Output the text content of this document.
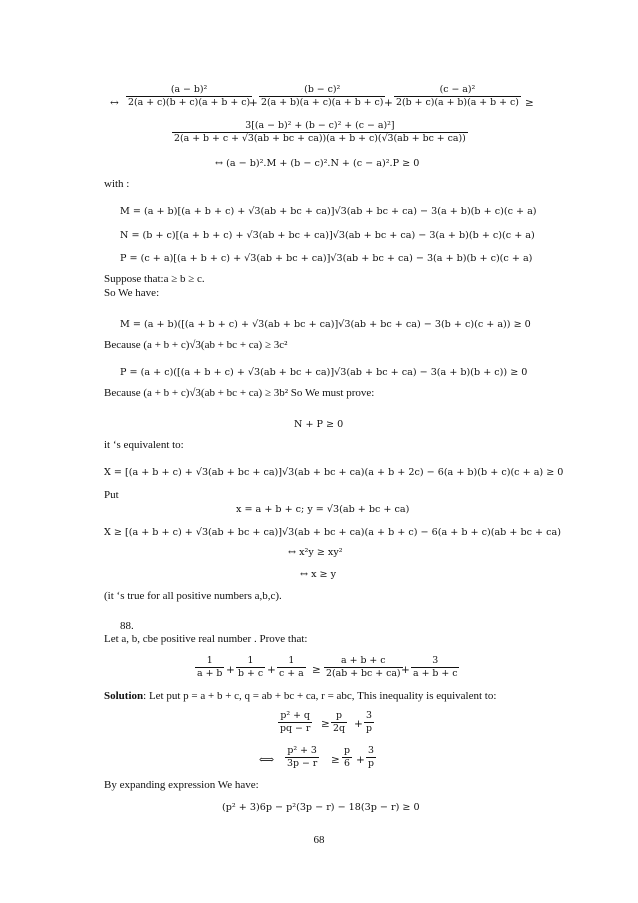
↔
(a − b)²
2(a + c)(b + c)(a + b + c)
+
(b − c)²
2(a + b)(a + c)(a + b + c) +
(c − a)²
2(b + c)(a + b)(a + b + c) ≥
3[(a − b)² + (b − c)² + (c − a)²]
2(a + b + c + √3(ab + bc + ca))(a + b + c)(√3(ab + bc + ca))
↔ (a − b)².M + (b − c)².N + (c − a)².P ≥ 0
with :
M = (a + b)[(a + b + c) + √3(ab + bc + ca)]√3(ab + bc + ca) − 3(a + b)(b + c)(c + a)
N = (b + c)[(a + b + c) + √3(ab + bc + ca)]√3(ab + bc + ca) − 3(a + b)(b + c)(c + a)
P = (c + a)[(a + b + c) + √3(ab + bc + ca)]√3(ab + bc + ca) − 3(a + b)(b + c)(c + a)
Suppose that:a ≥ b ≥ c.
So We have:
M = (a + b)([(a + b + c) + √3(ab + bc + ca)]√3(ab + bc + ca) − 3(b + c)(c + a)) ≥ 0
Because (a + b + c)√3(ab + bc + ca) ≥ 3c²
P = (a + c)([(a + b + c) + √3(ab + bc + ca)]√3(ab + bc + ca) − 3(a + b)(b + c)) ≥ 0
Because (a + b + c)√3(ab + bc + ca) ≥ 3b² So We must prove:
N + P ≥ 0
it ‘s equivalent to:
X = [(a + b + c) + √3(ab + bc + ca)]√3(ab + bc + ca)(a + b + 2c) − 6(a + b)(b + c)(c + a) ≥ 0
Put
x = a + b + c; y = √3(ab + bc + ca)
X ≥ [(a + b + c) + √3(ab + bc + ca)]√3(ab + bc + ca)(a + b + c) − 6(a + b + c)(ab + bc + ca)
↔ x²y ≥ xy²
↔ x ≥ y
(it ‘s true for all positive numbers a,b,c).
88.
Let a, b, cbe positive real number . Prove that:
1
a + b +
1
b + c +
1
c + a ≥
a + b + c
2(ab + bc + ca) +
3
a + b + c
Solution: Let put p = a + b + c, q = ab + bc + ca, r = abc, This inequality is equivalent to:
p² + q
pq − r ≥
p
2q +
3
p
⟺
p² + 3
3p − r ≥
p
6 +
3
p
By expanding expression We have:
(p² + 3)6p − p²(3p − r) − 18(3p − r) ≥ 0
68
